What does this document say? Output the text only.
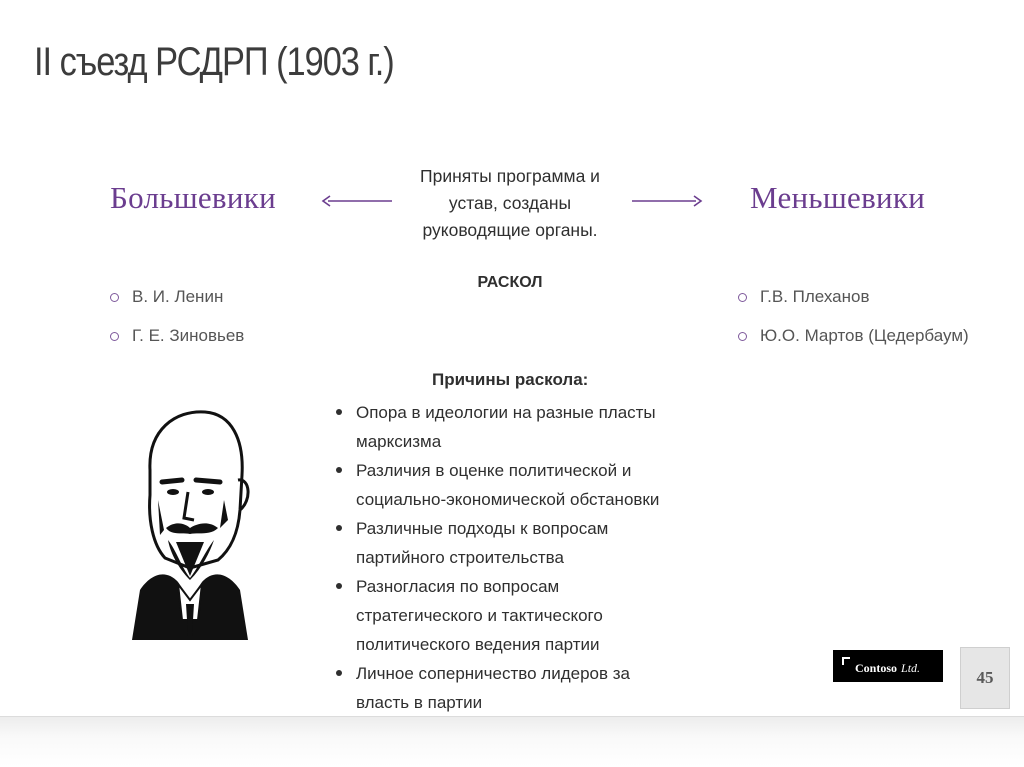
II съезд РСДРП (1903 г.)
Большевики	Меньшевики
Приняты программа и
устав, созданы
руководящие органы.
РАСКОЛ
В. И. Ленин
Г. Е. Зиновьев
Г.В. Плеханов
Ю.О. Мартов (Цедербаум)
Причины раскола:
Опора в идеологии на разные пласты
марксизма
Различия в оценке политической и
социально-экономической обстановки
Различные подходы к вопросам
партийного строительства
Разногласия по вопросам
стратегического и тактического
политического ведения партии
Личное соперничество лидеров за
власть в партии
Contoso Ltd.
45
